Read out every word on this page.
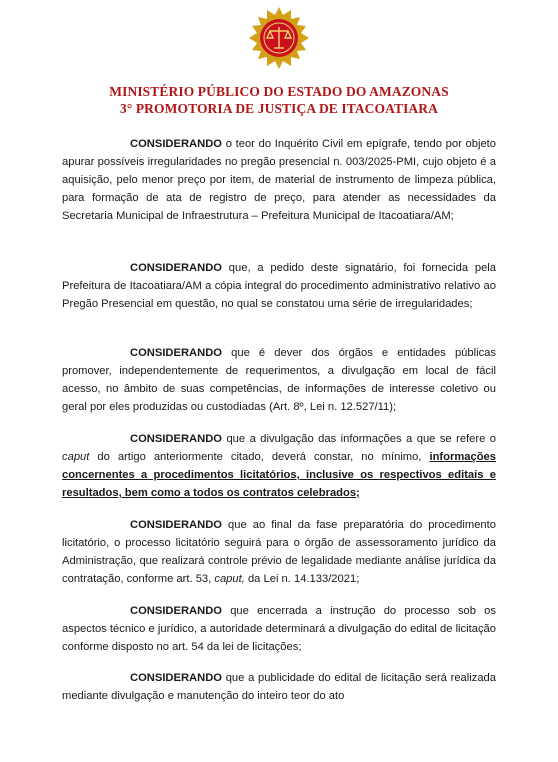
MINISTÉRIO PÚBLICO DO ESTADO DO AMAZONAS
3° PROMOTORIA DE JUSTIÇA DE ITACOATIARA
CONSIDERANDO o teor do Inquérito Civil em epígrafe, tendo por objeto apurar possíveis irregularidades no pregão presencial n. 003/2025-PMI, cujo objeto é a aquisição, pelo menor preço por item, de material de instrumento de limpeza pública, para formação de ata de registro de preço, para atender as necessidades da Secretaria Municipal de Infraestrutura – Prefeitura Municipal de Itacoatiara/AM;
CONSIDERANDO que, a pedido deste signatário, foi fornecida pela Prefeitura de Itacoatiara/AM a cópia integral do procedimento administrativo relativo ao Pregão Presencial em questão, no qual se constatou uma série de irregularidades;
CONSIDERANDO que é dever dos órgãos e entidades públicas promover, independentemente de requerimentos, a divulgação em local de fácil acesso, no âmbito de suas competências, de informações de interesse coletivo ou geral por eles produzidas ou custodiadas (Art. 8º, Lei n. 12.527/11);
CONSIDERANDO que a divulgação das informações a que se refere o caput do artigo anteriormente citado, deverá constar, no mínimo, informações concernentes a procedimentos licitatórios, inclusive os respectivos editais e resultados, bem como a todos os contratos celebrados;
CONSIDERANDO que ao final da fase preparatória do procedimento licitatório, o processo licitatório seguirá para o órgão de assessoramento jurídico da Administração, que realizará controle prévio de legalidade mediante análise jurídica da contratação, conforme art. 53, caput, da Lei n. 14.133/2021;
CONSIDERANDO que encerrada a instrução do processo sob os aspectos técnico e jurídico, a autoridade determinará a divulgação do edital de licitação conforme disposto no art. 54 da lei de licitações;
CONSIDERANDO que a publicidade do edital de licitação será realizada mediante divulgação e manutenção do inteiro teor do ato
